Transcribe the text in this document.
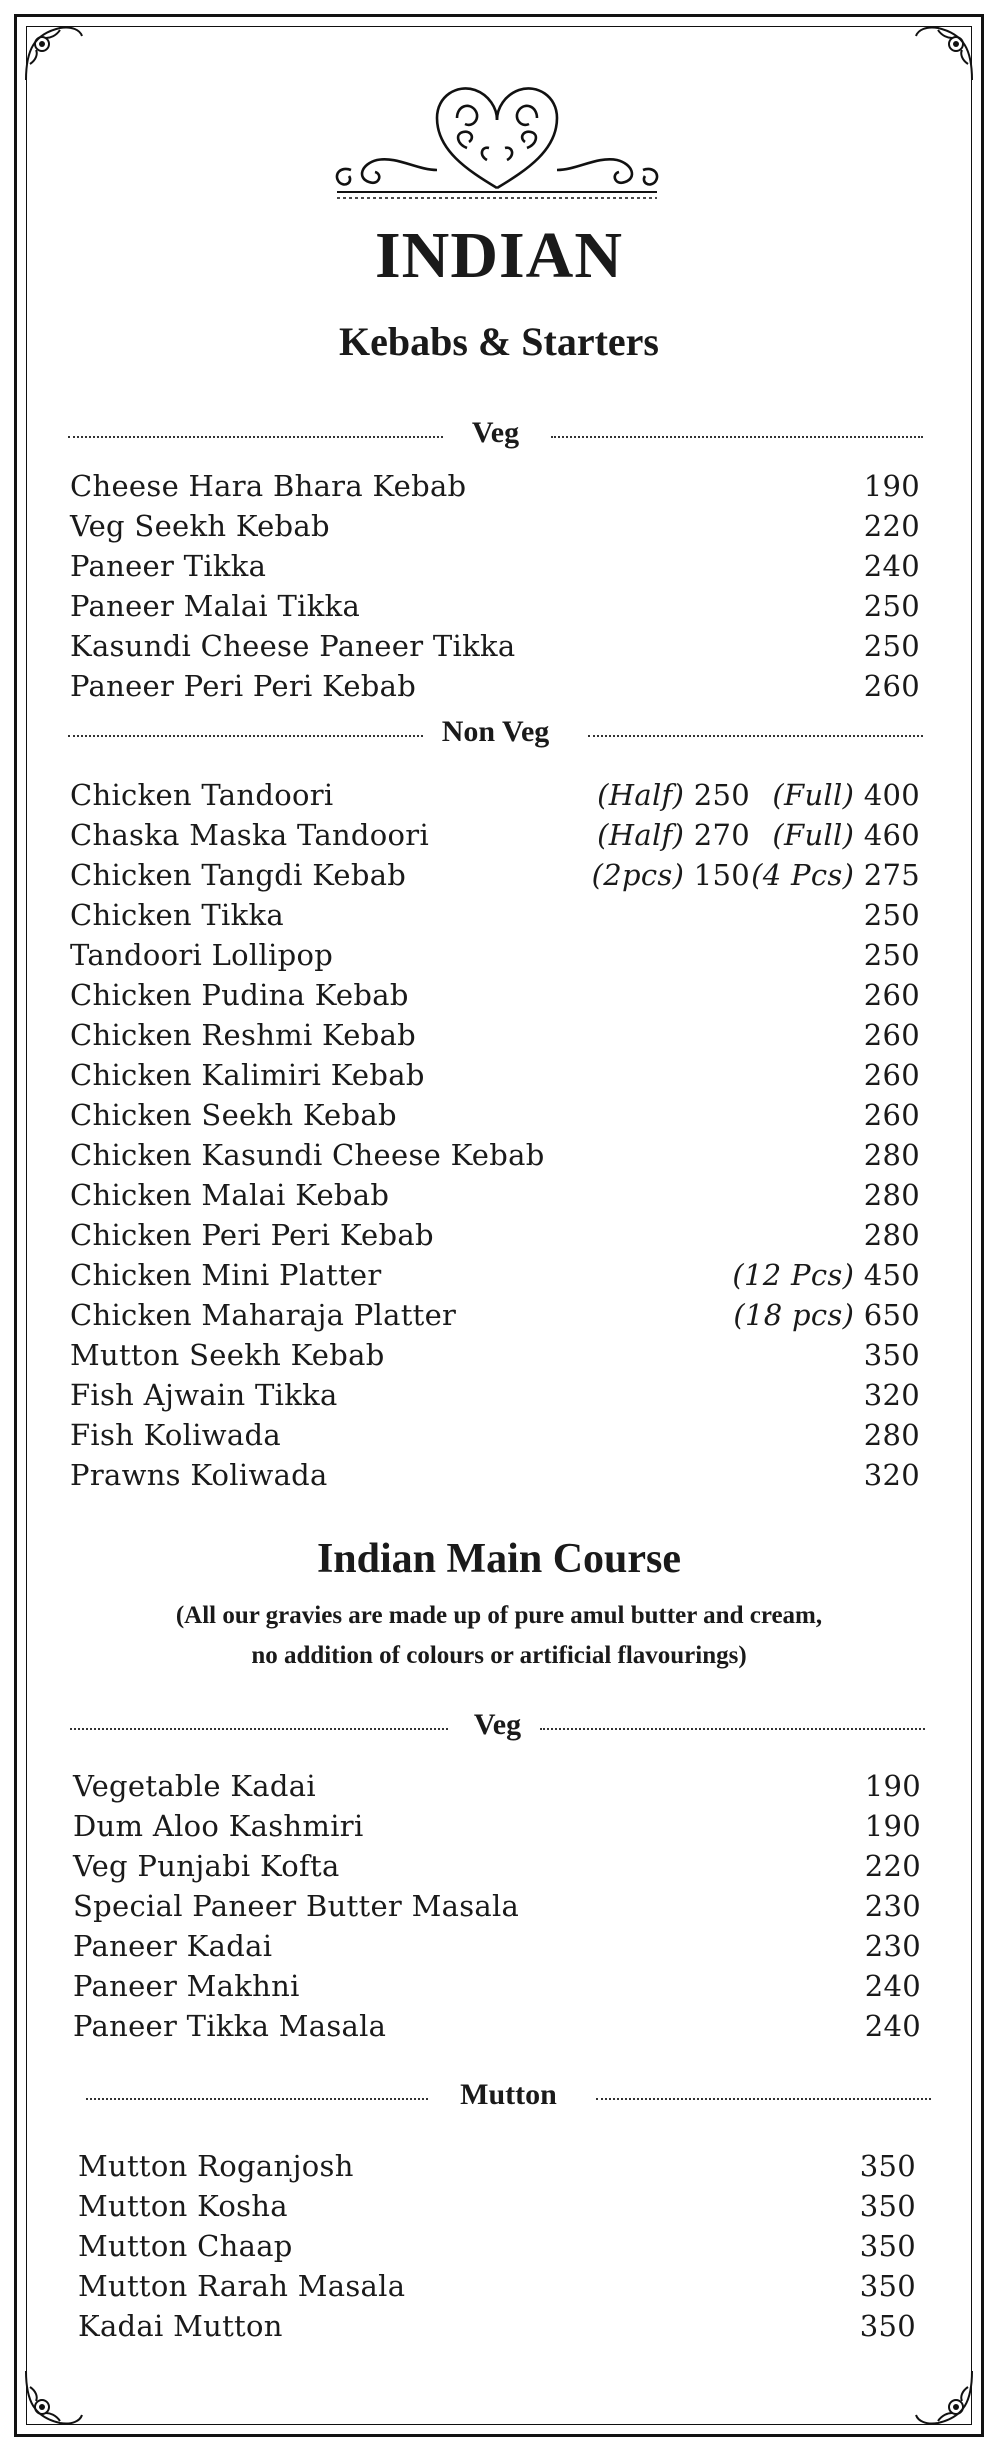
INDIAN
Kebabs & Starters
Veg
Cheese Hara Bhara Kebab	190
Veg Seekh Kebab	220
Paneer Tikka	240
Paneer Malai Tikka	250
Kasundi Cheese Paneer Tikka	250
Paneer Peri Peri Kebab	260
Non Veg
Chicken Tandoori	(Half) 250 (Full) 400
Chaska Maska Tandoori	(Half) 270 (Full) 460
Chicken Tangdi Kebab	(2pcs) 150 (4 Pcs) 275
Chicken Tikka	250
Tandoori Lollipop	250
Chicken Pudina Kebab	260
Chicken Reshmi Kebab	260
Chicken Kalimiri Kebab	260
Chicken Seekh Kebab	260
Chicken Kasundi Cheese Kebab	280
Chicken Malai Kebab	280
Chicken Peri Peri Kebab	280
Chicken Mini Platter	(12 Pcs) 450
Chicken Maharaja Platter	(18 pcs) 650
Mutton Seekh Kebab	350
Fish Ajwain Tikka	320
Fish Koliwada	280
Prawns Koliwada	320
Indian Main Course
(All our gravies are made up of pure amul butter and cream,
no addition of colours or artificial flavourings)
Veg
Vegetable Kadai	190
Dum Aloo Kashmiri	190
Veg Punjabi Kofta	220
Special Paneer Butter Masala	230
Paneer Kadai	230
Paneer Makhni	240
Paneer Tikka Masala	240
Mutton
Mutton Roganjosh	350
Mutton Kosha	350
Mutton Chaap	350
Mutton Rarah Masala	350
Kadai Mutton	350
